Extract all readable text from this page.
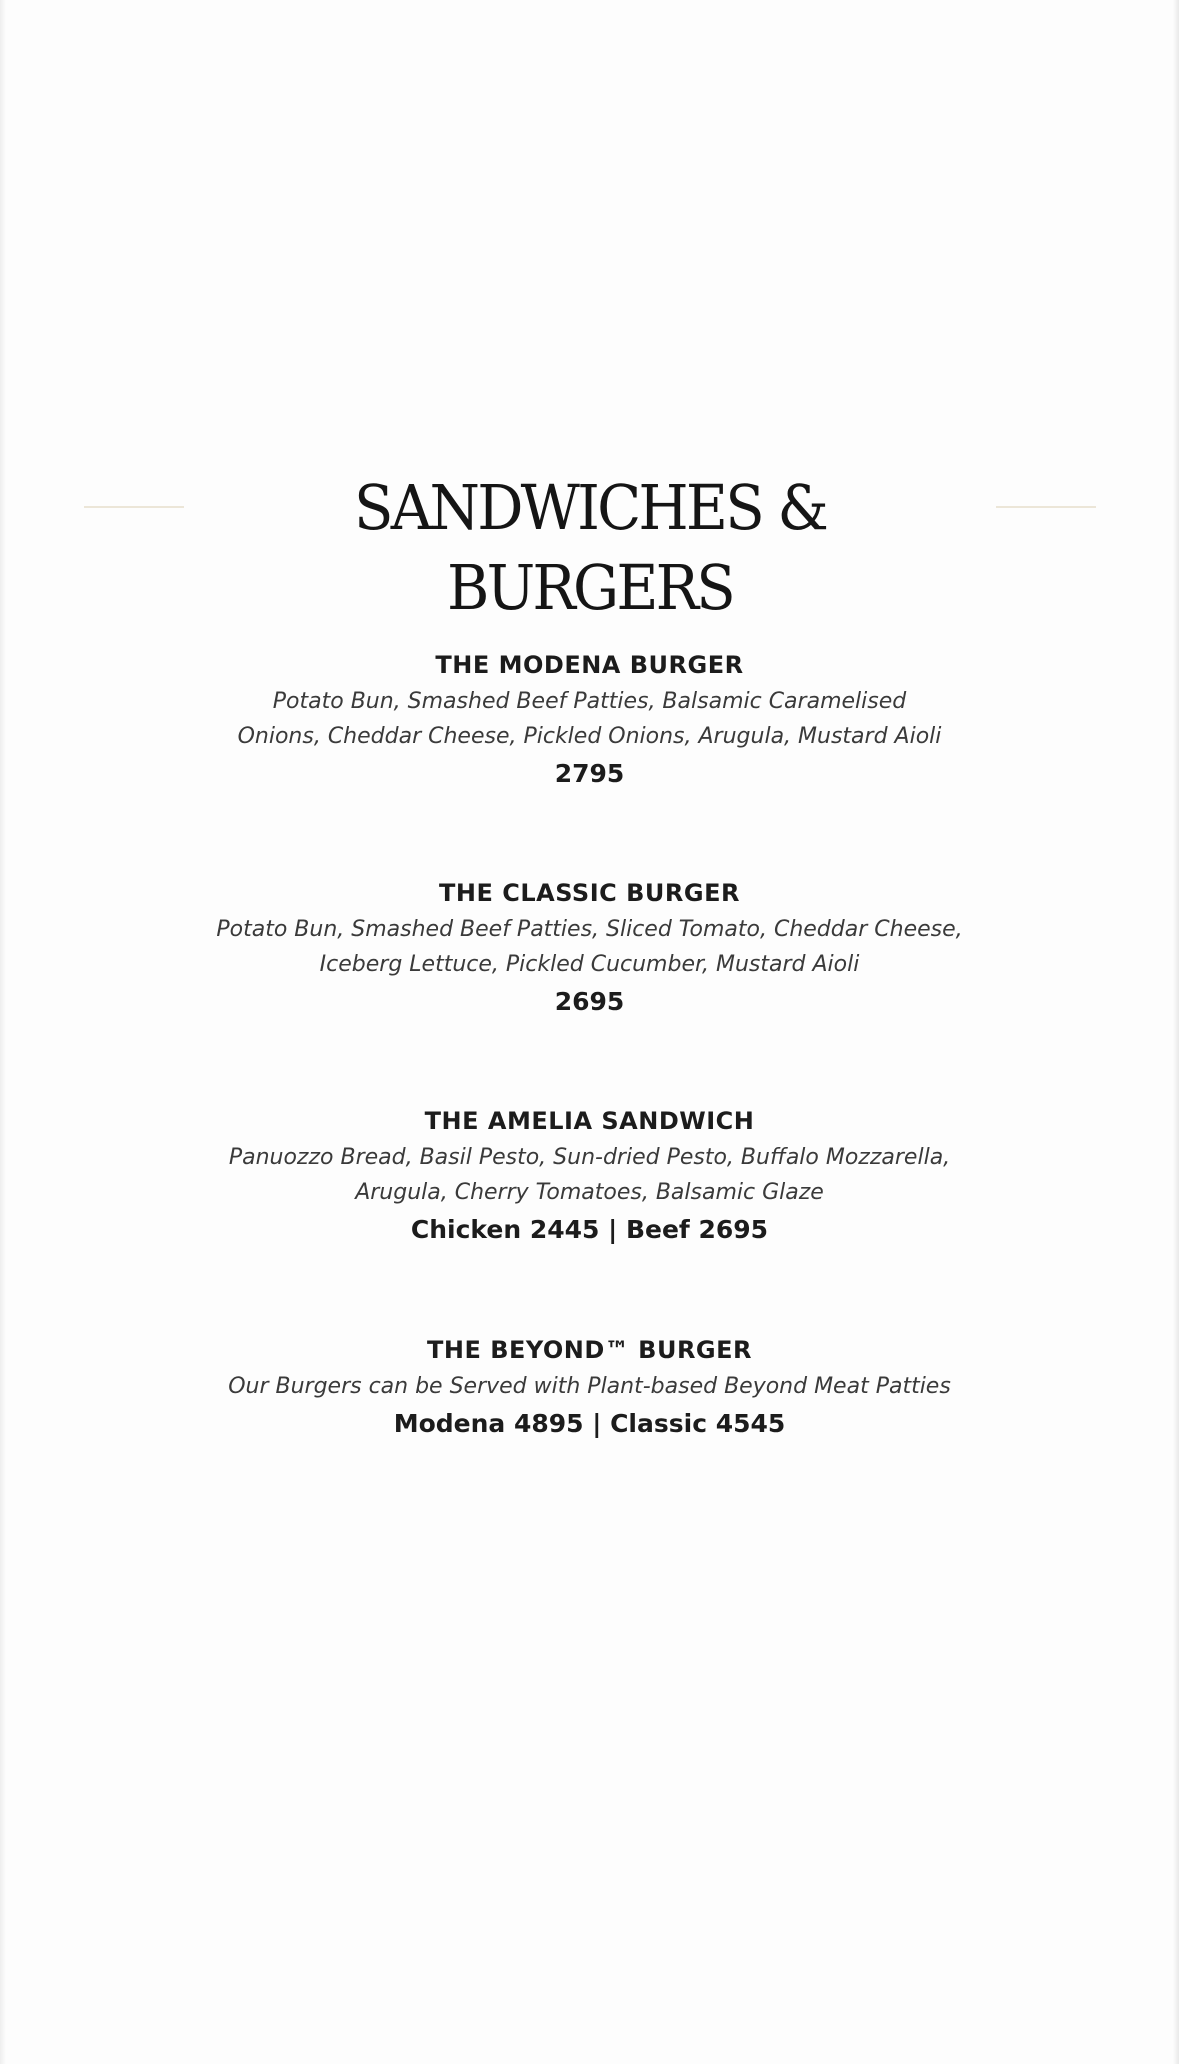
SANDWICHES & BURGERS
THE MODENA BURGER
Potato Bun, Smashed Beef Patties, Balsamic Caramelised
Onions, Cheddar Cheese, Pickled Onions, Arugula, Mustard Aioli
2795
THE CLASSIC BURGER
Potato Bun, Smashed Beef Patties, Sliced Tomato, Cheddar Cheese,
Iceberg Lettuce, Pickled Cucumber, Mustard Aioli
2695
THE AMELIA SANDWICH
Panuozzo Bread, Basil Pesto, Sun-dried Pesto, Buffalo Mozzarella,
Arugula, Cherry Tomatoes, Balsamic Glaze
Chicken 2445 | Beef 2695
THE BEYOND™ BURGER
Our Burgers can be Served with Plant-based Beyond Meat Patties
Modena 4895 | Classic 4545
